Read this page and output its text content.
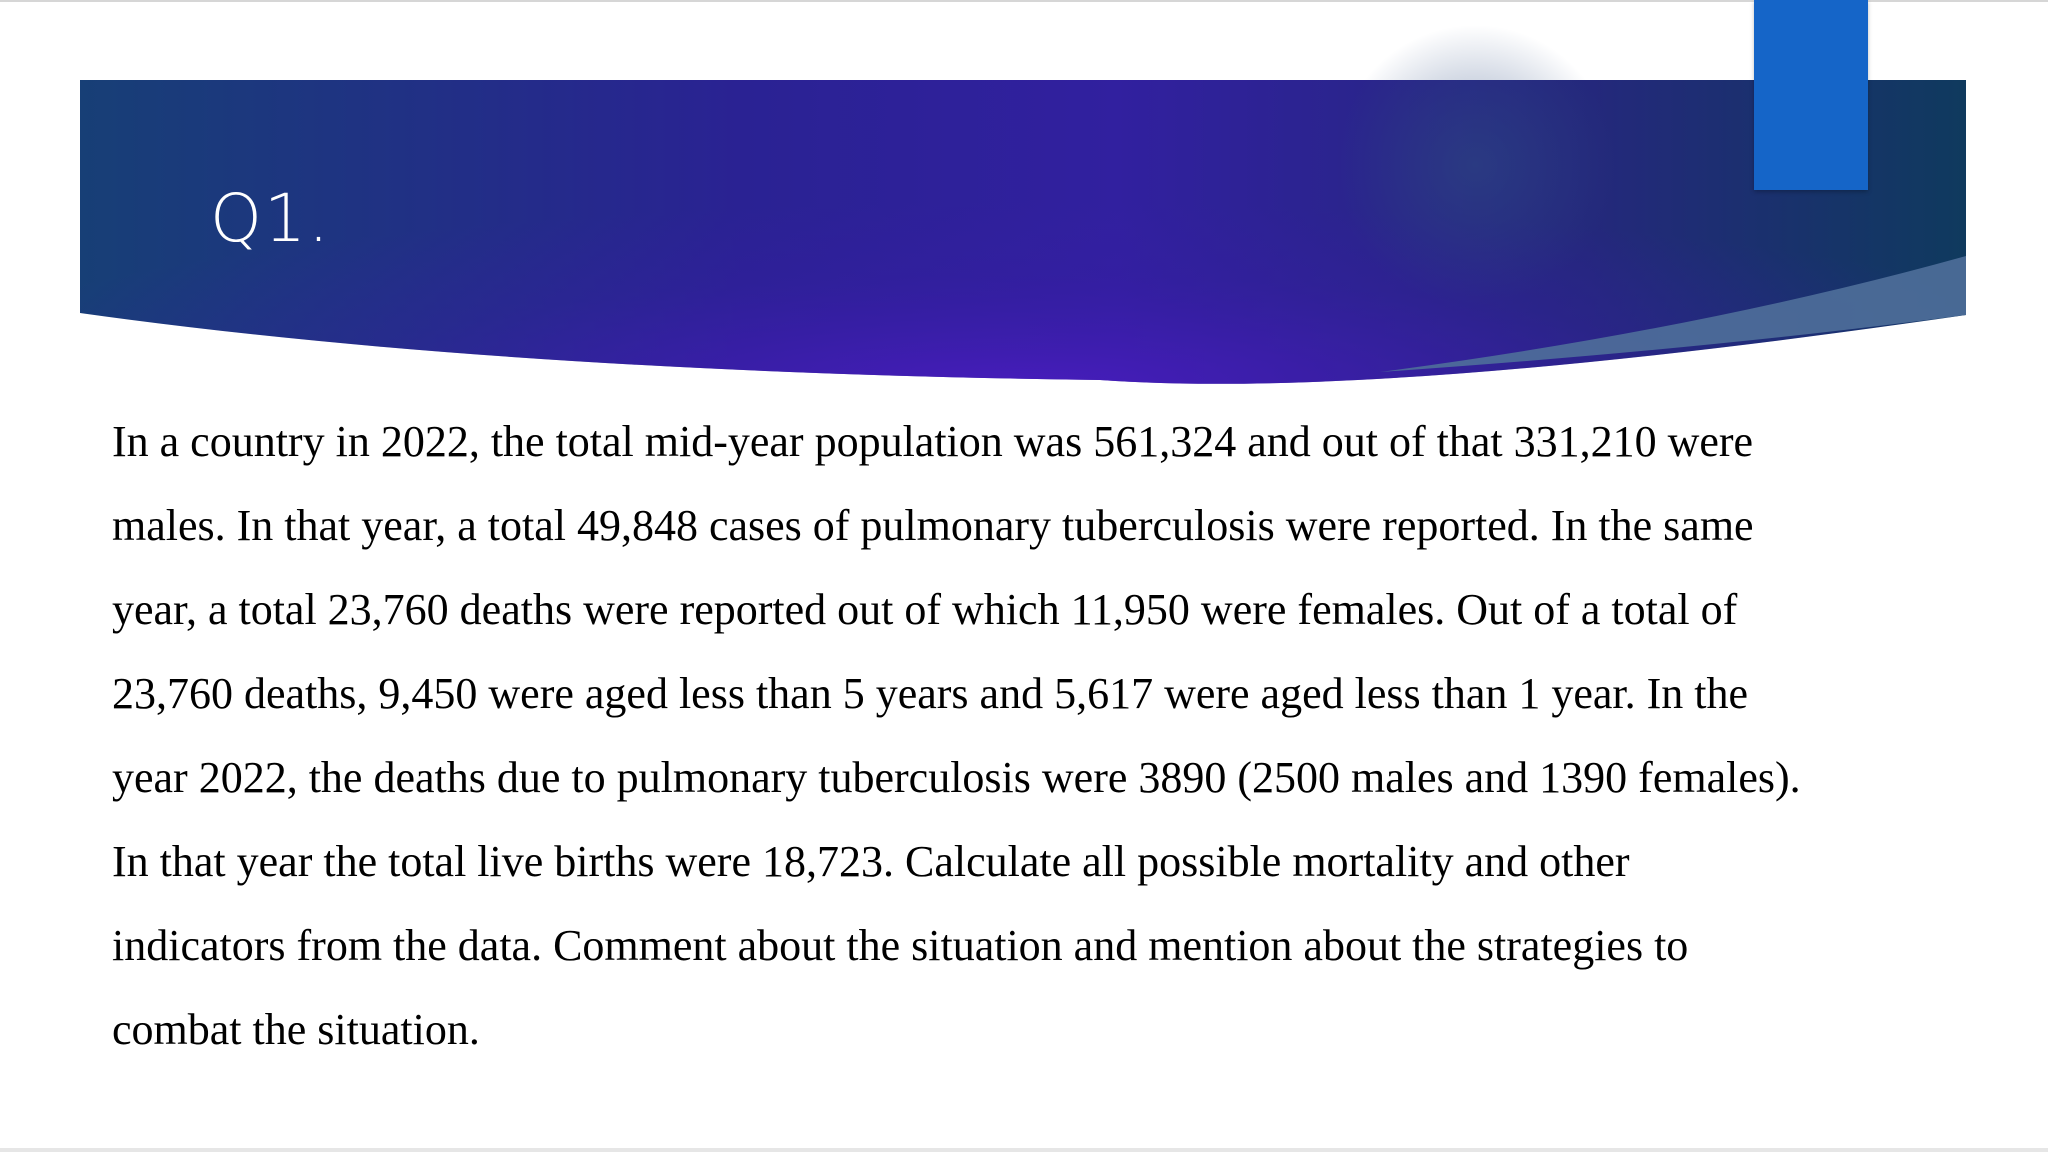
Q1.

In a country in 2022, the total mid-year population was 561,324 and out of that 331,210 were
males. In that year, a total 49,848 cases of pulmonary tuberculosis were reported. In the same
year, a total 23,760 deaths were reported out of which 11,950 were females. Out of a total of
23,760 deaths, 9,450 were aged less than 5 years and 5,617 were aged less than 1 year. In the
year 2022, the deaths due to pulmonary tuberculosis were 3890 (2500 males and 1390 females).
In that year the total live births were 18,723. Calculate all possible mortality and other
indicators from the data. Comment about the situation and mention about the strategies to
combat the situation.
